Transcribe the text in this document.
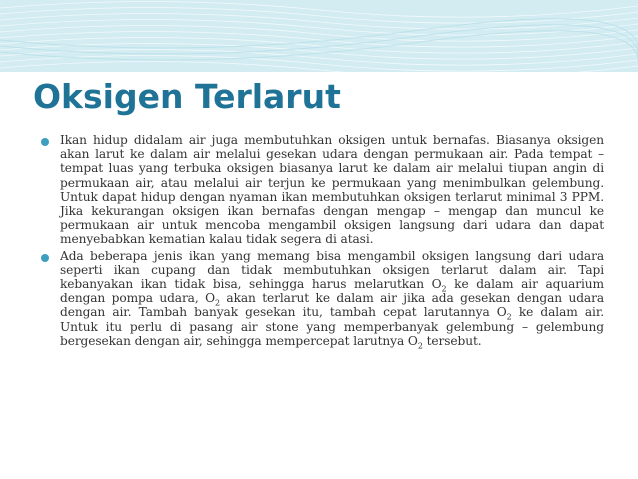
Oksigen Terlarut
Ikan hidup didalam air juga membutuhkan oksigen untuk bernafas. Biasanya oksigen akan larut ke dalam air melalui gesekan udara dengan permukaan air. Pada tempat – tempat luas yang terbuka oksigen biasanya larut ke dalam air melalui tiupan angin di permukaan air, atau melalui air terjun ke permukaan yang menimbulkan gelembung. Untuk dapat hidup dengan nyaman ikan membutuhkan oksigen terlarut minimal 3 PPM. Jika kekurangan oksigen ikan bernafas dengan mengap – mengap dan muncul ke permukaan air untuk mencoba mengambil oksigen langsung dari udara dan dapat menyebabkan kematian kalau tidak segera di atasi.
Ada beberapa jenis ikan yang memang bisa mengambil oksigen langsung dari udara seperti ikan cupang dan tidak membutuhkan oksigen terlarut dalam air. Tapi kebanyakan ikan tidak bisa, sehingga harus melarutkan $O_2$ ke dalam air aquarium dengan pompa udara, $O_2$ akan terlarut ke dalam air jika ada gesekan dengan udara dengan air. Tambah banyak gesekan itu, tambah cepat larutannya $O_2$ ke dalam air. Untuk itu perlu di pasang air stone yang memperbanyak gelembung – gelembung bergesekan dengan air, sehingga mempercepat larutnya $O_2$ tersebut.
